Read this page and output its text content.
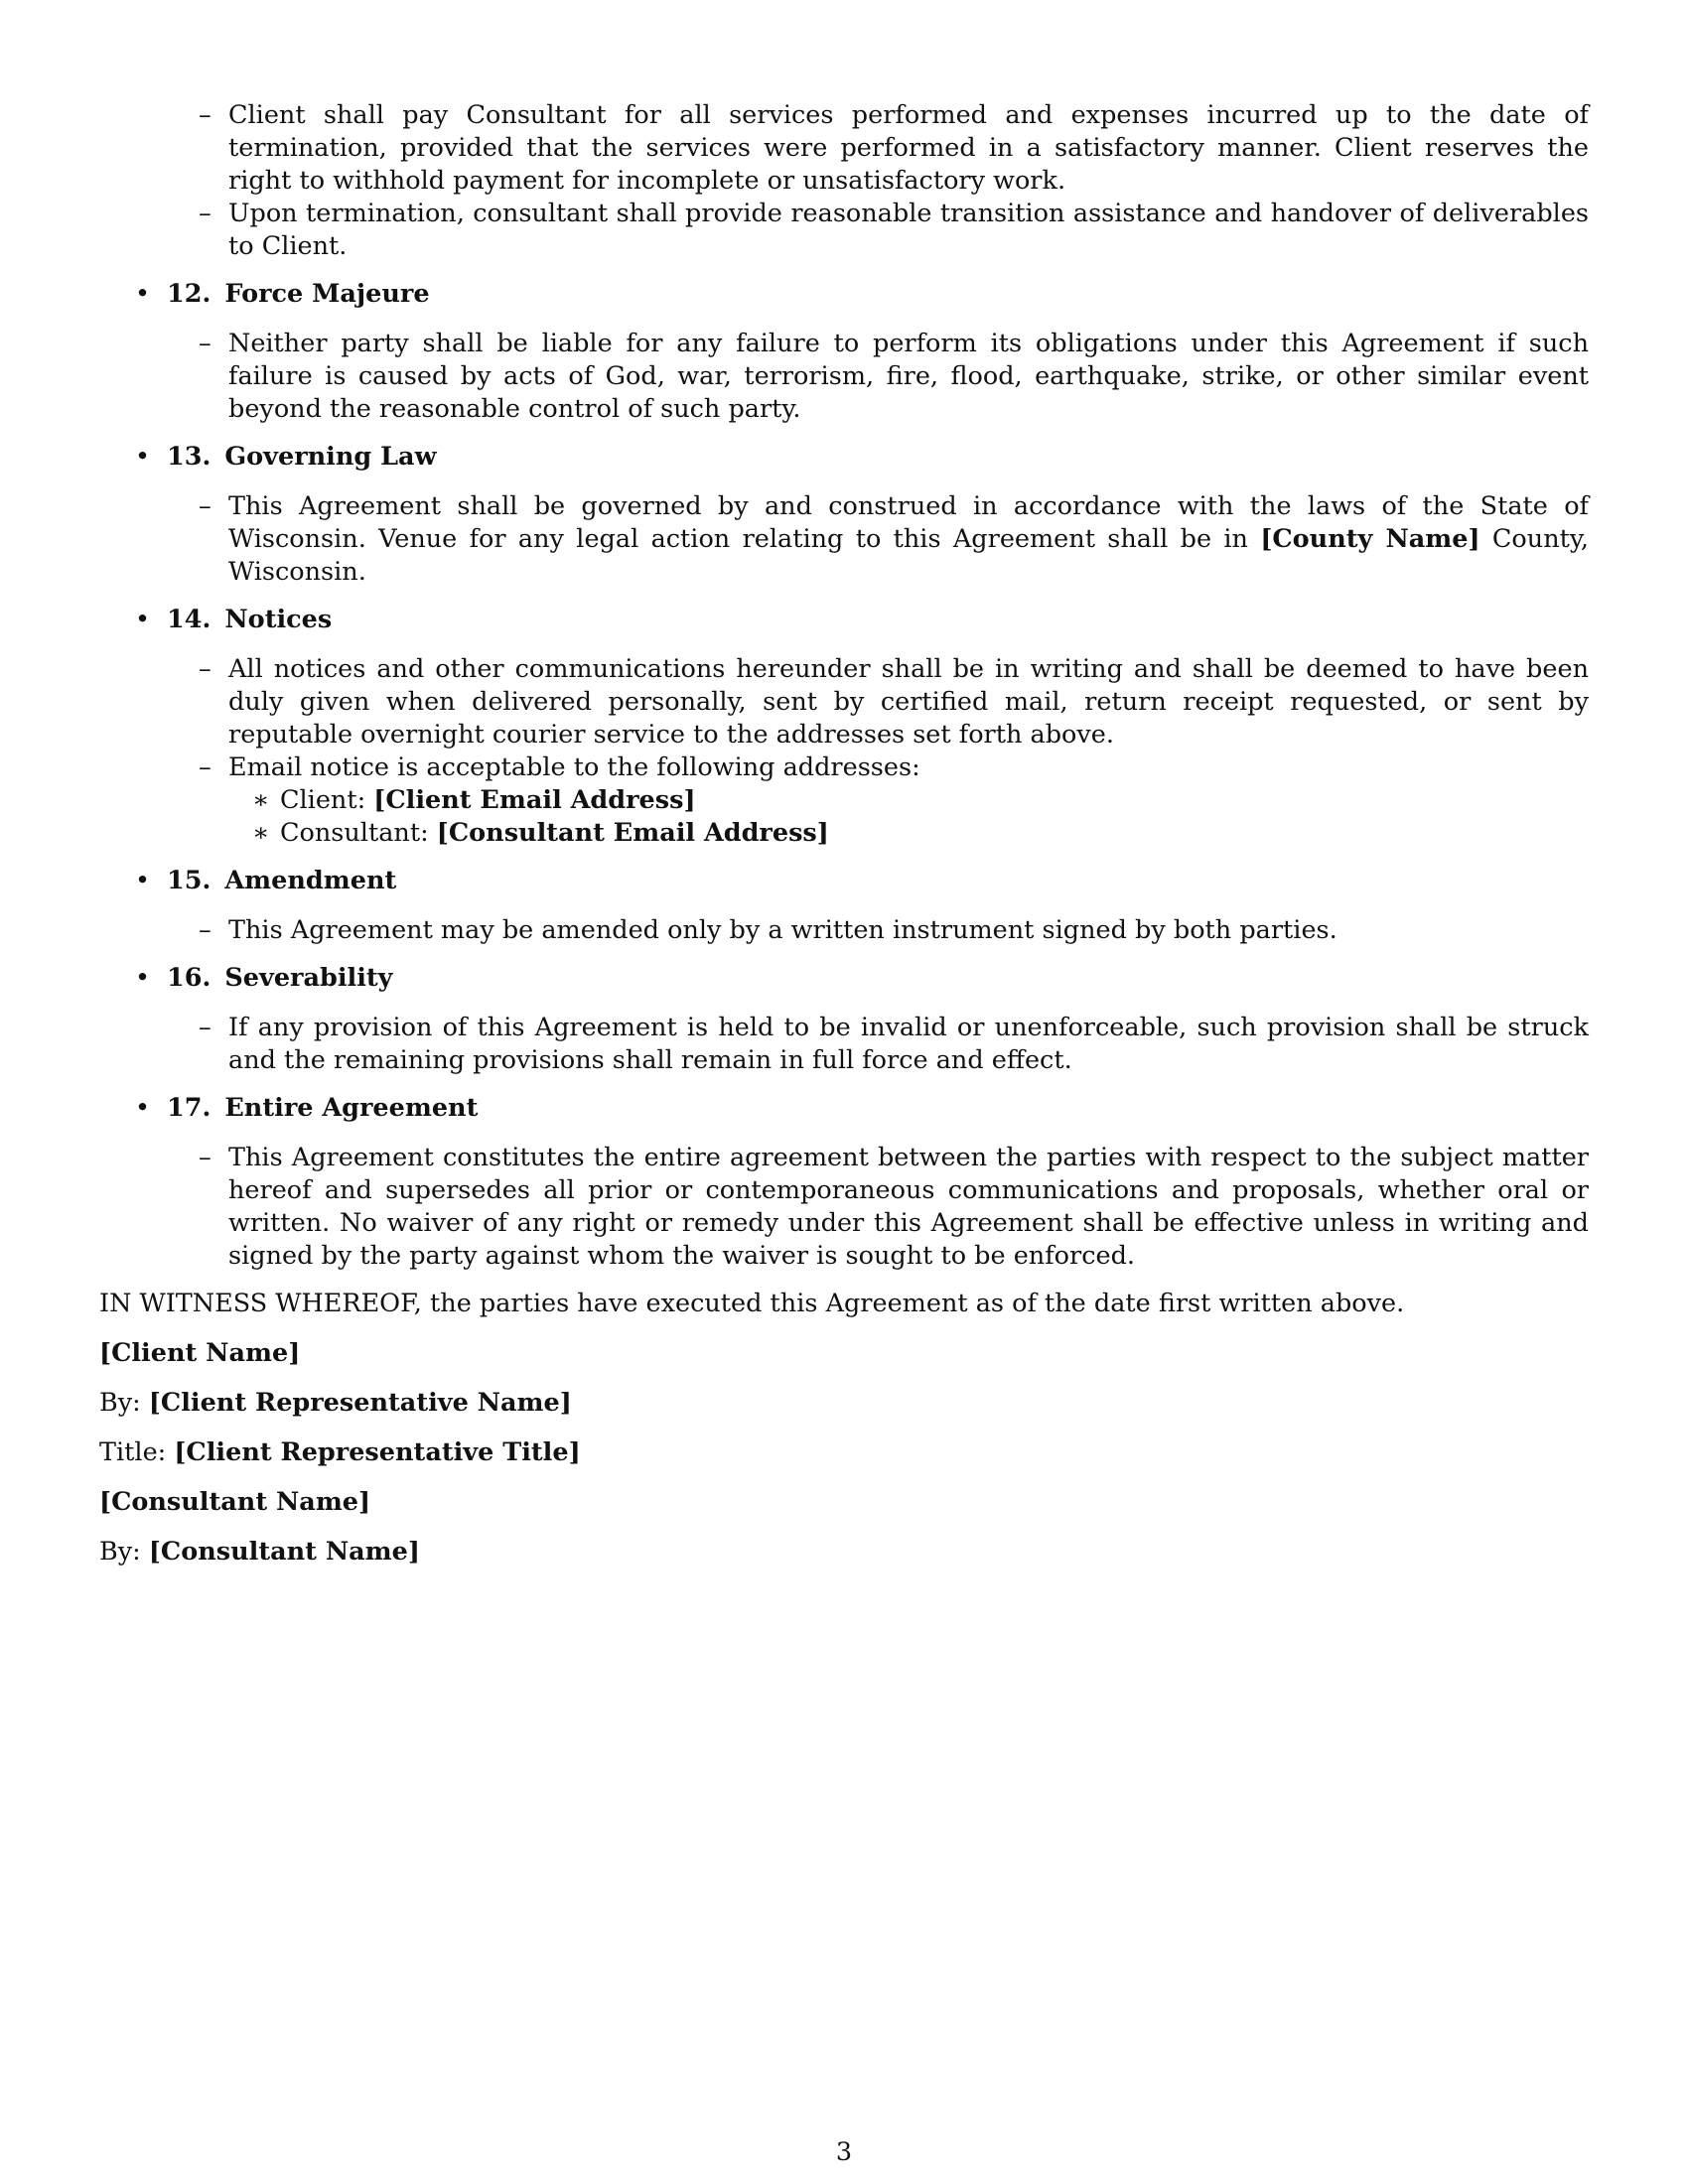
– Client shall pay Consultant for all services performed and expenses incurred up to the date of termination, provided that the services were performed in a satisfactory manner. Client reserves the right to withhold payment for incomplete or unsatisfactory work.

– Upon termination, consultant shall provide reasonable transition assistance and handover of deliverables to Client.

• 12. Force Majeure

– Neither party shall be liable for any failure to perform its obligations under this Agreement if such failure is caused by acts of God, war, terrorism, fire, flood, earthquake, strike, or other similar event beyond the reasonable control of such party.

• 13. Governing Law

– This Agreement shall be governed by and construed in accordance with the laws of the State of Wisconsin. Venue for any legal action relating to this Agreement shall be in [County Name] County, Wisconsin.

• 14. Notices

– All notices and other communications hereunder shall be in writing and shall be deemed to have been duly given when delivered personally, sent by certified mail, return receipt requested, or sent by reputable overnight courier service to the addresses set forth above.

– Email notice is acceptable to the following addresses:

∗ Client: [Client Email Address]

∗ Consultant: [Consultant Email Address]

• 15. Amendment

– This Agreement may be amended only by a written instrument signed by both parties.

• 16. Severability

– If any provision of this Agreement is held to be invalid or unenforceable, such provision shall be struck and the remaining provisions shall remain in full force and effect.

• 17. Entire Agreement

– This Agreement constitutes the entire agreement between the parties with respect to the subject matter hereof and supersedes all prior or contemporaneous communications and proposals, whether oral or written. No waiver of any right or remedy under this Agreement shall be effective unless in writing and signed by the party against whom the waiver is sought to be enforced.

IN WITNESS WHEREOF, the parties have executed this Agreement as of the date first written above.

[Client Name]

By: [Client Representative Name]

Title: [Client Representative Title]

[Consultant Name]

By: [Consultant Name]

3
